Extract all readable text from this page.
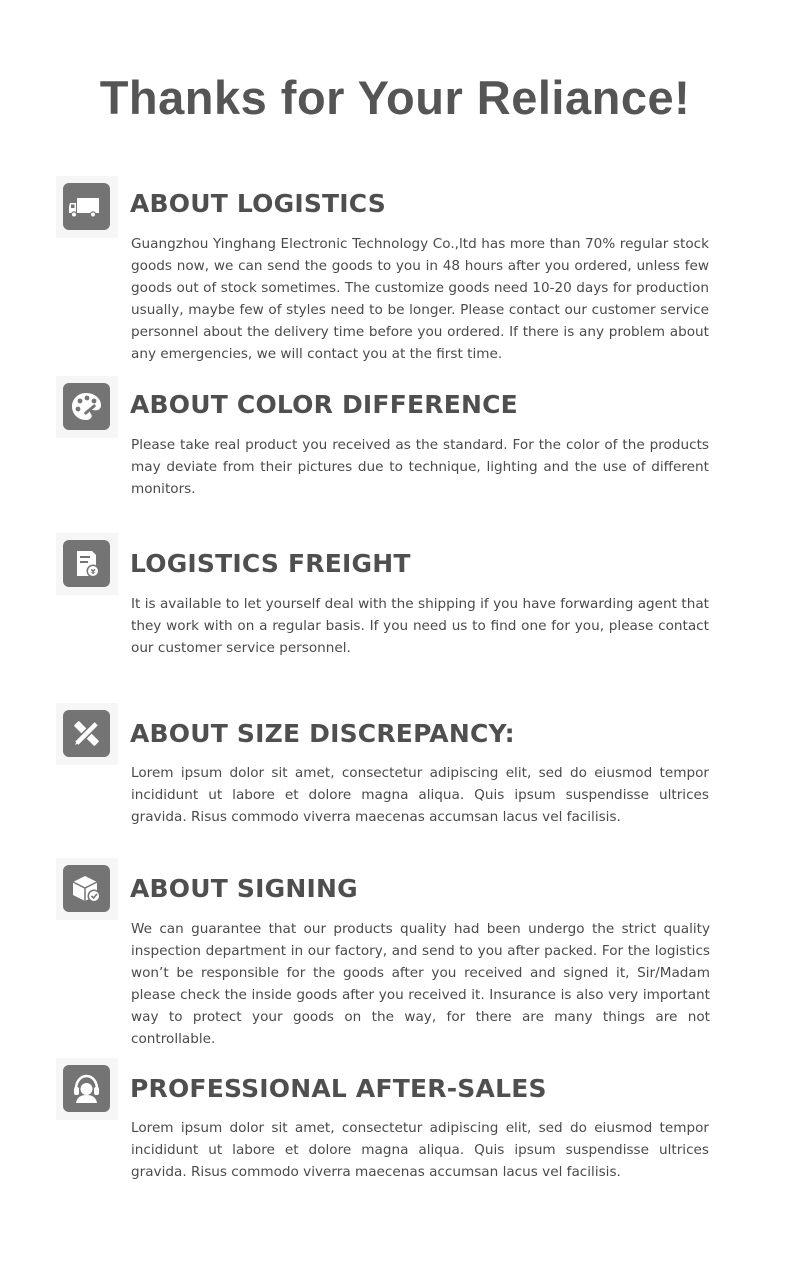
Thanks for Your Reliance!
ABOUT LOGISTICS

Guangzhou Yinghang Electronic Technology Co.,ltd has more than 70% regular stock goods now, we can send the goods to you in 48 hours after you ordered, unless few goods out of stock sometimes. The customize goods need 10-20 days for production usually, maybe few of styles need to be longer. Please contact our customer service personnel about the delivery time before you ordered. If there is any problem about any emergencies, we will contact you at the first time.

ABOUT COLOR DIFFERENCE

Please take real product you received as the standard. For the color of the products may deviate from their pictures due to technique, lighting and the use of different monitors.

¥ LOGISTICS FREIGHT

It is available to let yourself deal with the shipping if you have forwarding agent that they work with on a regular basis. If you need us to find one for you, please contact our customer service personnel.

ABOUT SIZE DISCREPANCY:

Lorem ipsum dolor sit amet, consectetur adipiscing elit, sed do eiusmod tempor incididunt ut labore et dolore magna aliqua. Quis ipsum suspendisse ultrices gravida. Risus commodo viverra maecenas accumsan lacus vel facilisis.

ABOUT SIGNING

We can guarantee that our products quality had been undergo the strict quality inspection department in our factory, and send to you after packed. For the logistics won’t be responsible for the goods after you received and signed it, Sir/Madam please check the inside goods after you received it. Insurance is also very important way to protect your goods on the way, for there are many things are not controllable.

PROFESSIONAL AFTER-SALES

Lorem ipsum dolor sit amet, consectetur adipiscing elit, sed do eiusmod tempor incididunt ut labore et dolore magna aliqua. Quis ipsum suspendisse ultrices gravida. Risus commodo viverra maecenas accumsan lacus vel facilisis.
